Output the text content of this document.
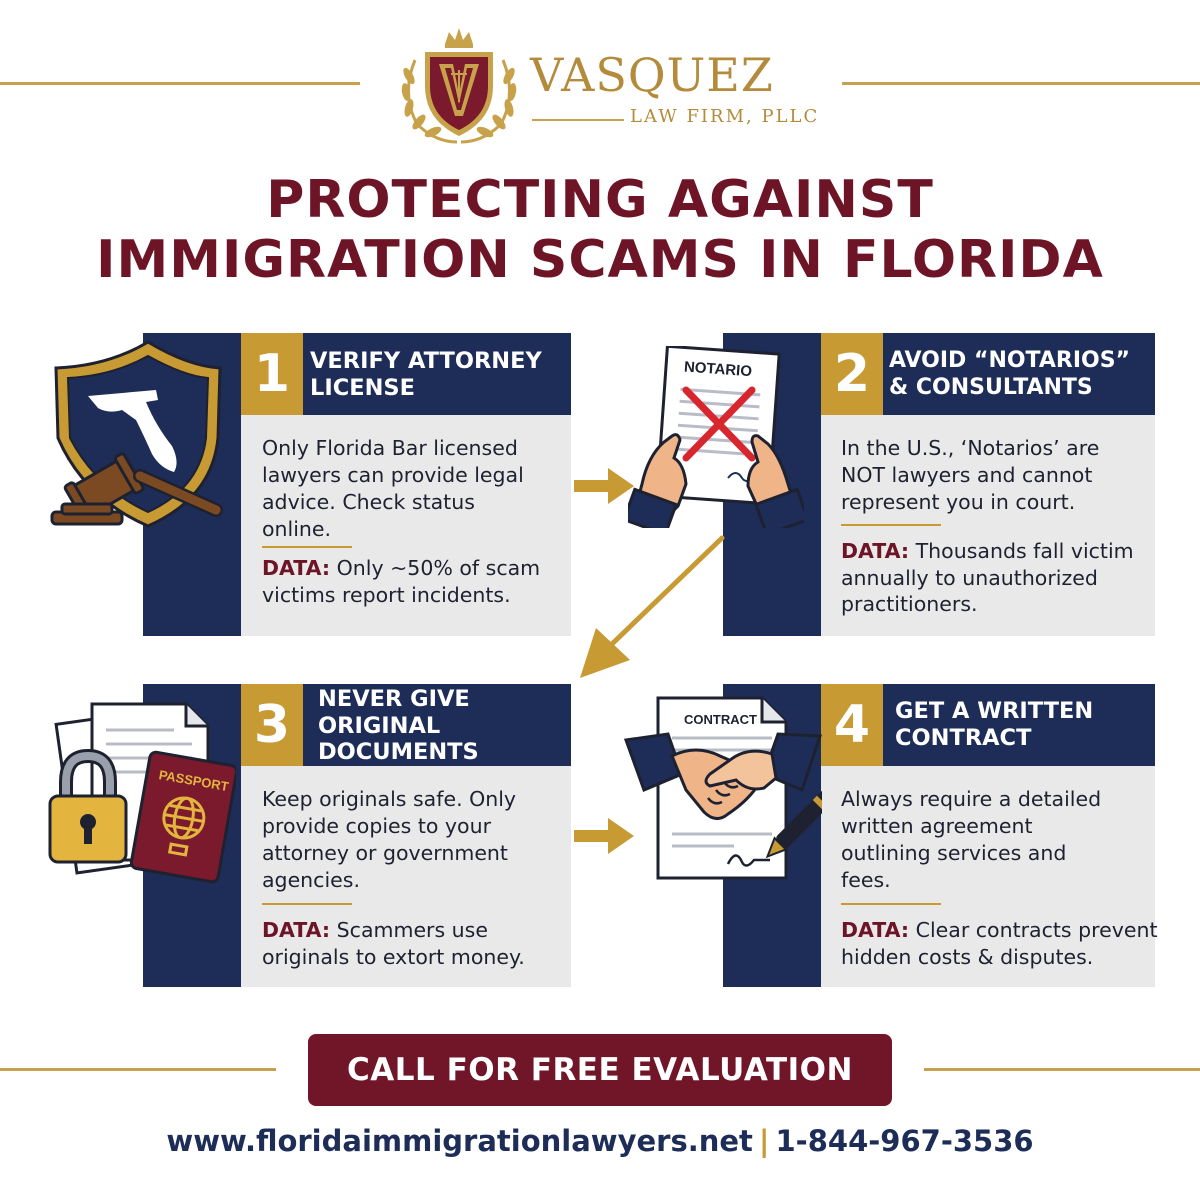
VASQUEZ
LAW FIRM, PLLC
PROTECTING AGAINST
IMMIGRATION SCAMS IN FLORIDA
1 VERIFY ATTORNEY
LICENSE
Only Florida Bar licensed
lawyers can provide legal
advice. Check status
online.
DATA: Only ~50% of scam
victims report incidents.
2 AVOID “NOTARIOS”
& CONSULTANTS
In the U.S., ‘Notarios’ are
NOT lawyers and cannot
represent you in court.
DATA: Thousands fall victim
annually to unauthorized
practitioners.
NOTARIO
3	NEVER GIVE
ORIGINAL
DOCUMENTS
Keep originals safe. Only
provide copies to your
attorney or government
agencies.
DATA: Scammers use
originals to extort money.
PASSPORT
4	GET A WRITTEN
CONTRACT
Always require a detailed
written agreement
outlining services and
fees.
DATA: Clear contracts prevent
hidden costs & disputes.
CONTRACT
CALL FOR FREE EVALUATION
www.floridaimmigrationlawyers.net | 1-844-967-3536
